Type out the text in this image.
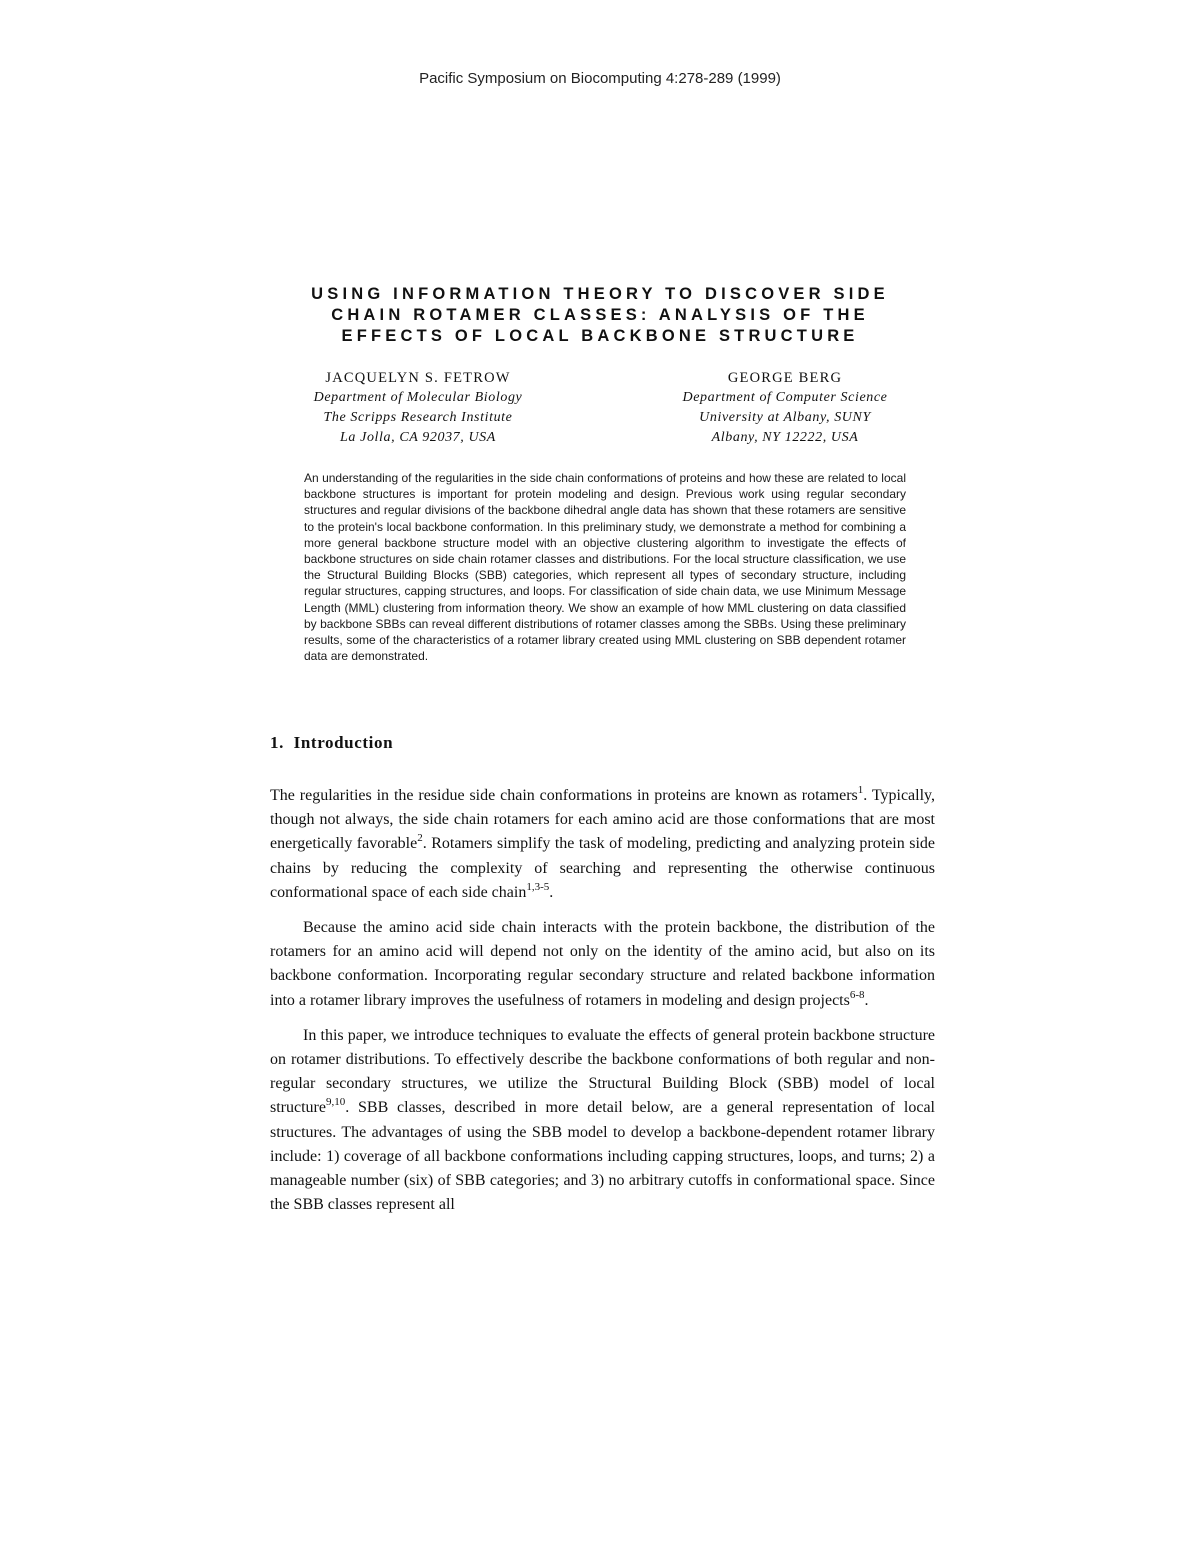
Pacific Symposium on Biocomputing 4:278-289 (1999)
USING INFORMATION THEORY TO DISCOVER SIDE
CHAIN ROTAMER CLASSES: ANALYSIS OF THE
EFFECTS OF LOCAL BACKBONE STRUCTURE
JACQUELYN S. FETROW
Department of Molecular Biology
The Scripps Research Institute
La Jolla, CA 92037, USA
GEORGE BERG
Department of Computer Science
University at Albany, SUNY
Albany, NY 12222, USA
An understanding of the regularities in the side chain conformations of proteins and how these are related to local backbone structures is important for protein modeling and design. Previous work using regular secondary structures and regular divisions of the backbone dihedral angle data has shown that these rotamers are sensitive to the protein's local backbone conformation. In this preliminary study, we demonstrate a method for combining a more general backbone structure model with an objective clustering algorithm to investigate the effects of backbone structures on side chain rotamer classes and distributions. For the local structure classification, we use the Structural Building Blocks (SBB) categories, which represent all types of secondary structure, including regular structures, capping structures, and loops. For classification of side chain data, we use Minimum Message Length (MML) clustering from information theory. We show an example of how MML clustering on data classified by backbone SBBs can reveal different distributions of rotamer classes among the SBBs. Using these preliminary results, some of the characteristics of a rotamer library created using MML clustering on SBB dependent rotamer data are demonstrated.
1. Introduction

The regularities in the residue side chain conformations in proteins are known as rotamers$^1$. Typically, though not always, the side chain rotamers for each amino acid are those conformations that are most energetically favorable$^2$. Rotamers simplify the task of modeling, predicting and analyzing protein side chains by reducing the complexity of searching and representing the otherwise continuous conformational space of each side chain$^{1,3-5}$.

Because the amino acid side chain interacts with the protein backbone, the distribution of the rotamers for an amino acid will depend not only on the identity of the amino acid, but also on its backbone conformation. Incorporating regular secondary structure and related backbone information into a rotamer library improves the usefulness of rotamers in modeling and design projects$^{6-8}$.

In this paper, we introduce techniques to evaluate the effects of general protein backbone structure on rotamer distributions. To effectively describe the backbone conformations of both regular and non-regular secondary structures, we utilize the Structural Building Block (SBB) model of local structure$^{9,10}$. SBB classes, described in more detail below, are a general representation of local structures. The advantages of using the SBB model to develop a backbone-dependent rotamer library include: 1) coverage of all backbone conformations including capping structures, loops, and turns; 2) a manageable number (six) of SBB categories; and 3) no arbitrary cutoffs in conformational space. Since the SBB classes represent all
